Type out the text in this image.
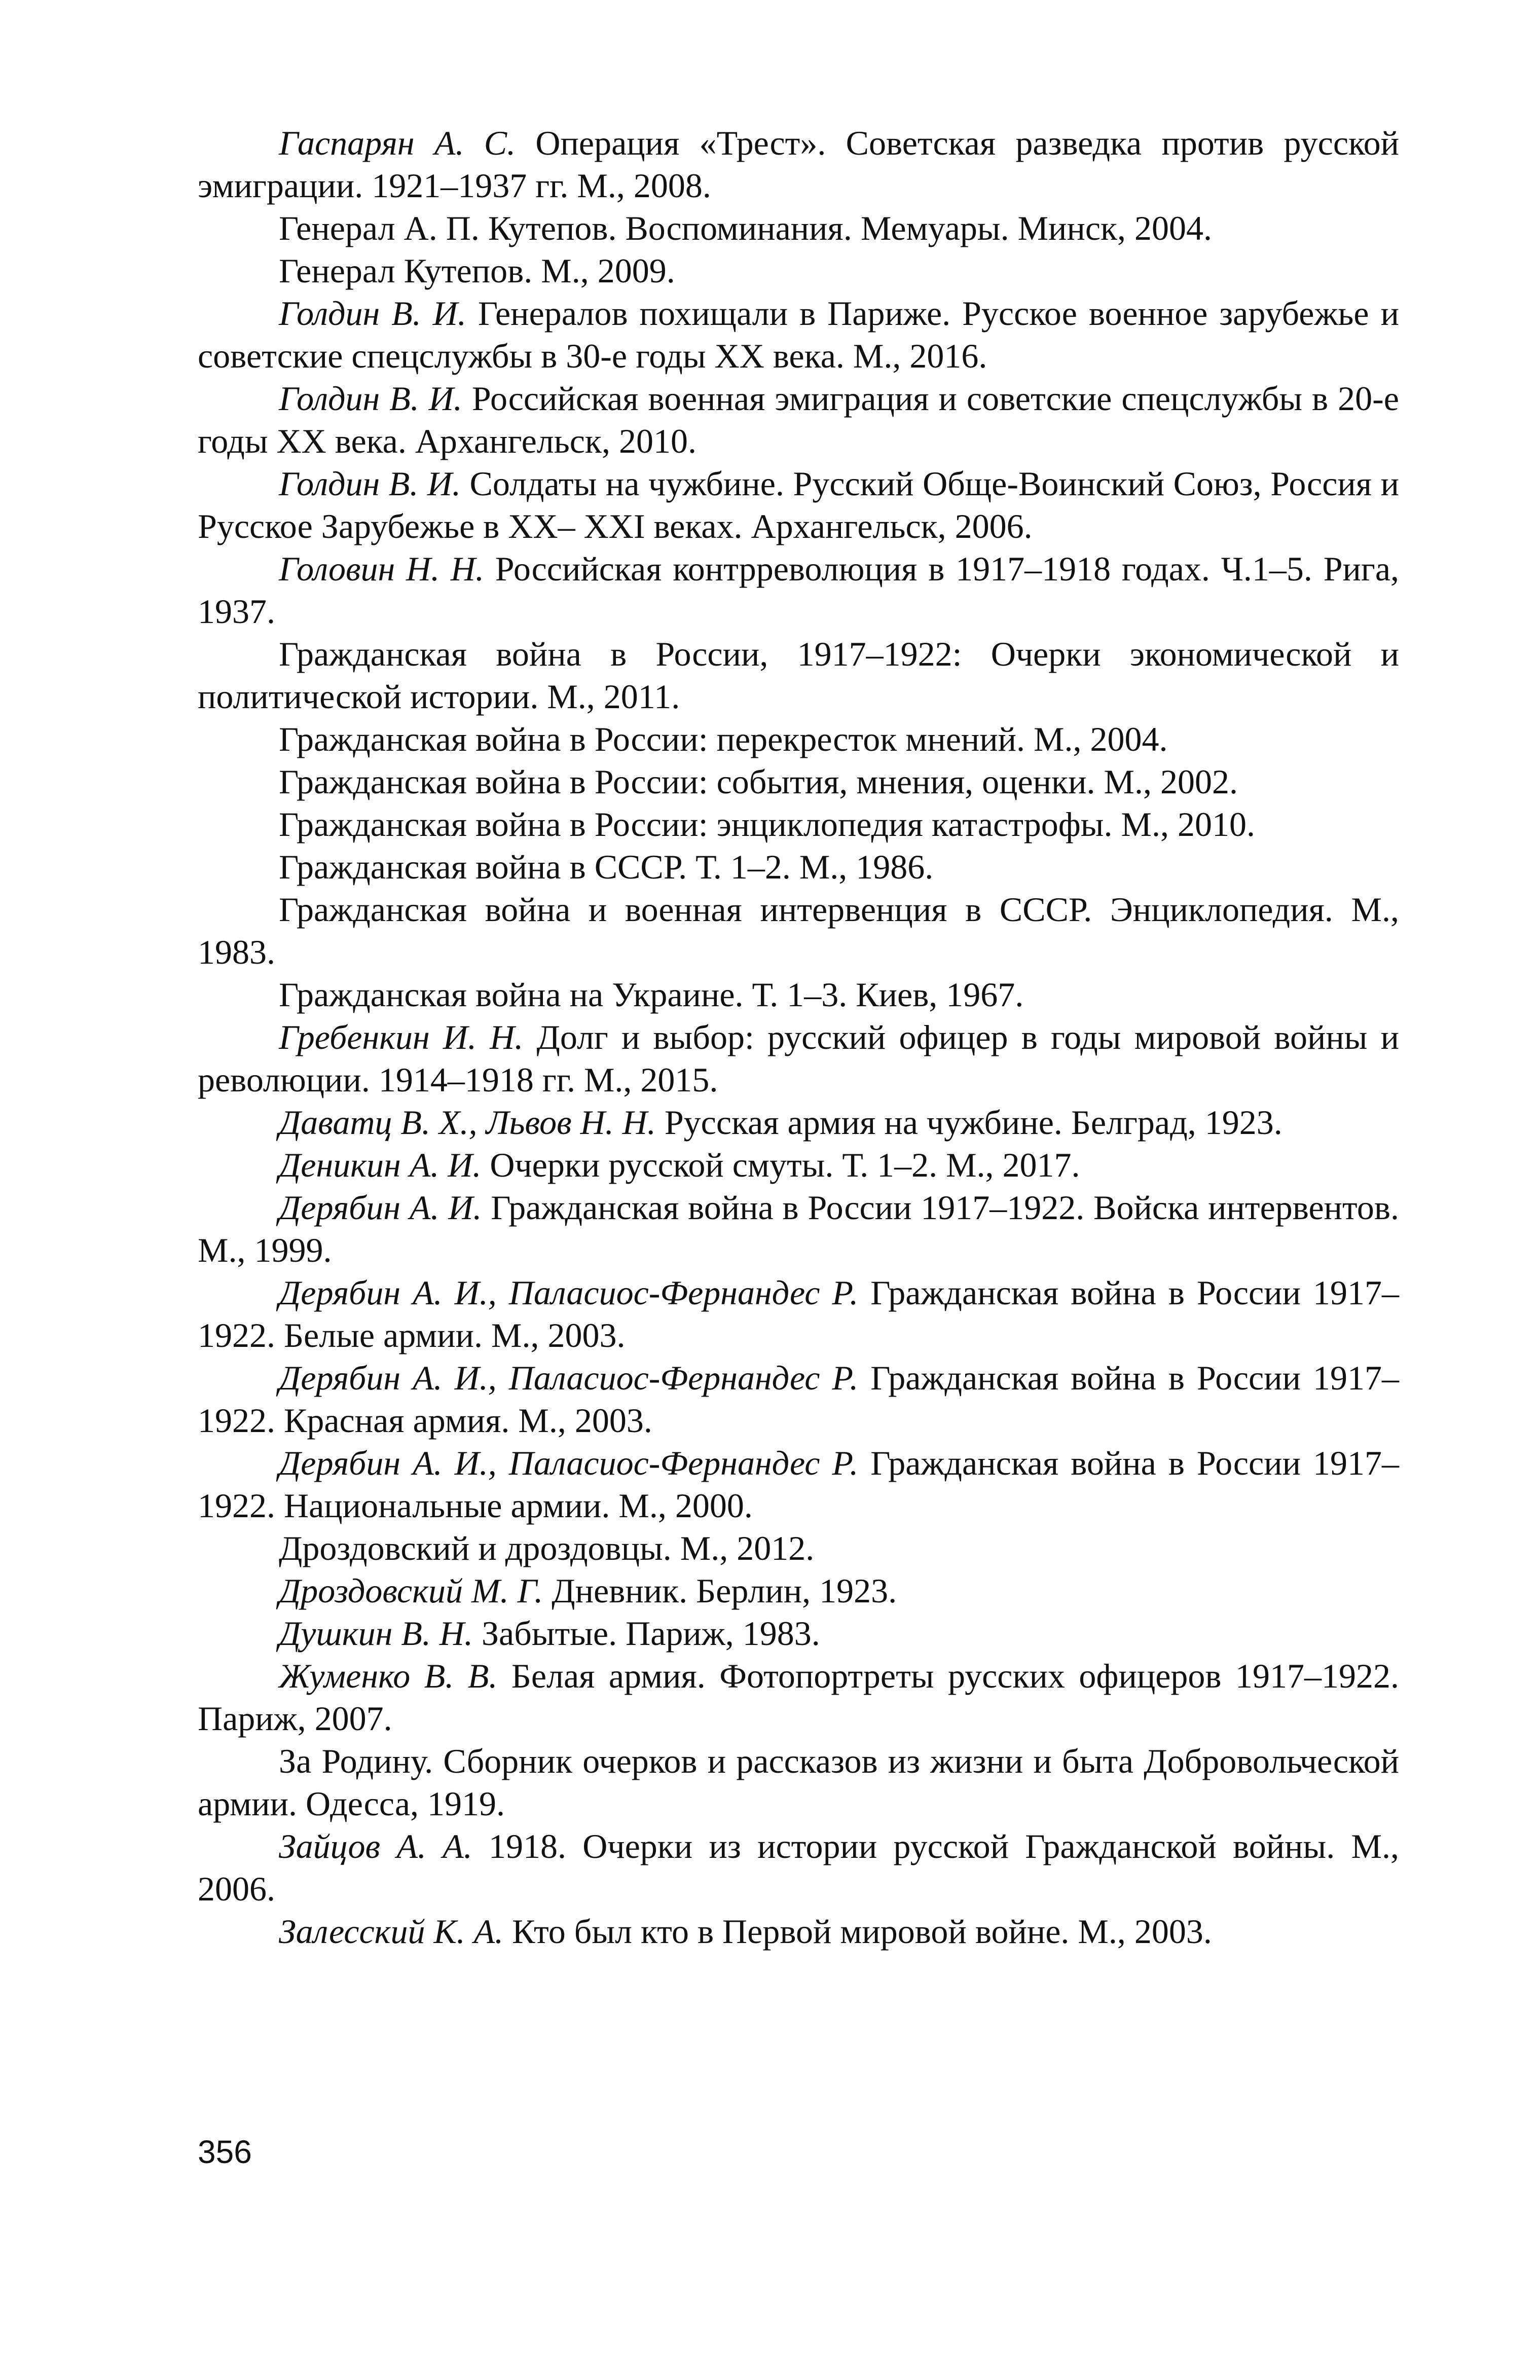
Гаспарян А. С. Операция «Трест». Советская разведка против русской эмиграции. 1921–1937 гг. М., 2008.

Генерал А. П. Кутепов. Воспоминания. Мемуары. Минск, 2004.

Генерал Кутепов. М., 2009.

Голдин В. И. Генералов похищали в Париже. Русское военное зарубежье и советские спецслужбы в 30-е годы XX века. М., 2016.

Голдин В. И. Российская военная эмиграция и советские спецслужбы в 20-е годы XX века. Архангельск, 2010.

Голдин В. И. Солдаты на чужбине. Русский Обще-Воинский Союз, Россия и Русское Зарубежье в XX– XXI веках. Архангельск, 2006.

Головин Н. Н. Российская контрреволюция в 1917–1918 годах. Ч.1–5. Рига, 1937.

Гражданская война в России, 1917–1922: Очерки экономической и политической истории. М., 2011.

Гражданская война в России: перекресток мнений. М., 2004.

Гражданская война в России: события, мнения, оценки. М., 2002.

Гражданская война в России: энциклопедия катастрофы. М., 2010.

Гражданская война в СССР. Т. 1–2. М., 1986.

Гражданская война и военная интервенция в СССР. Энциклопедия. М., 1983.

Гражданская война на Украине. Т. 1–3. Киев, 1967.

Гребенкин И. Н. Долг и выбор: русский офицер в годы мировой войны и революции. 1914–1918 гг. М., 2015.

Даватц В. Х., Львов Н. Н. Русская армия на чужбине. Белград, 1923.

Деникин А. И. Очерки русской смуты. Т. 1–2. М., 2017.

Дерябин А. И. Гражданская война в России 1917–1922. Войска интервентов. М., 1999.

Дерябин А. И., Паласиос-Фернандес Р. Гражданская война в России 1917–1922. Белые армии. М., 2003.

Дерябин А. И., Паласиос-Фернандес Р. Гражданская война в России 1917–1922. Красная армия. М., 2003.

Дерябин А. И., Паласиос-Фернандес Р. Гражданская война в России 1917–1922. Национальные армии. М., 2000.

Дроздовский и дроздовцы. М., 2012.

Дроздовский М. Г. Дневник. Берлин, 1923.

Душкин В. Н. Забытые. Париж, 1983.

Жуменко В. В. Белая армия. Фотопортреты русских офицеров 1917–1922. Париж, 2007.

За Родину. Сборник очерков и рассказов из жизни и быта Добровольческой армии. Одесса, 1919.

Зайцов А. А. 1918. Очерки из истории русской Гражданской войны. М., 2006.

Залесский К. А. Кто был кто в Первой мировой войне. М., 2003.

356
